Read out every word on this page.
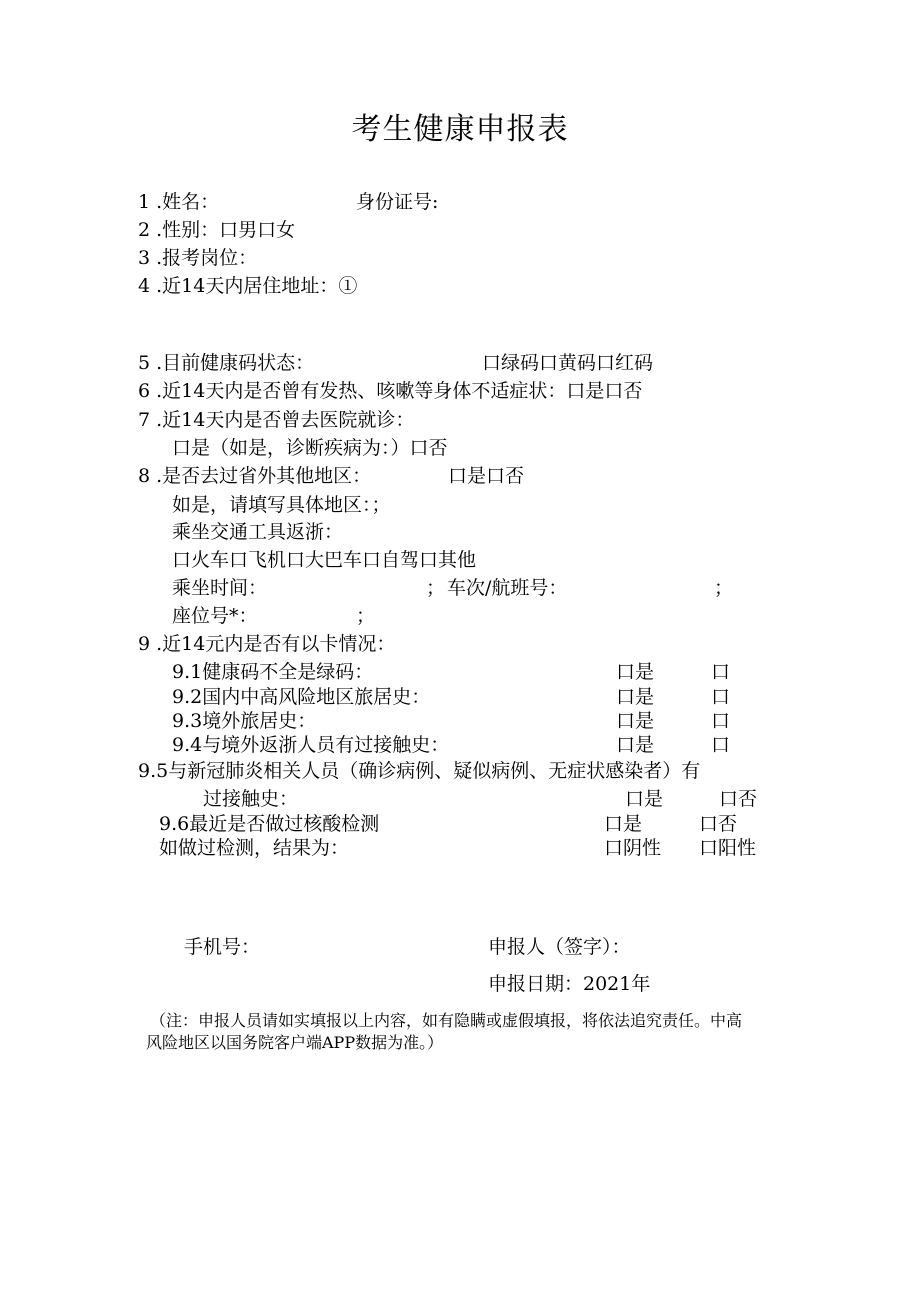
考生健康申报表
1 .姓名：	身份证号:
2 .性别：口男口女
3 .报考岗位：
4 .近14天内居住地址：①
5 .目前健康码状态：	口绿码口黄码口红码
6 .近14天内是否曾有发热、咳嗽等身体不适症状：口是口否
7 .近14天内是否曾去医院就诊：
口是（如是，诊断疾病为：）口否
8 .是否去过省外其他地区：	口是口否
如是，请填写具体地区：；
乘坐交通工具返浙：
口火车口飞机口大巴车口自驾口其他
乘坐时间：	； 车次/航班号：	；
座位号*：	；
9 .近14元内是否有以卡情况：
9.1健康码不全是绿码：	口是	口
9.2国内中高风险地区旅居史：	口是	口
9.3境外旅居史：	口是	口
9.4与境外返浙人员有过接触史：	口是	口
9.5与新冠肺炎相关人员（确诊病例、疑似病例、无症状感染者）有
过接触史：	口是	口否
9.6最近是否做过核酸检测	口是	口否
如做过检测，结果为：	口阴性 口阳性
手机号：	申报人（签字）：
申报日期：2021年
（注：申报人员请如实填报以上内容，如有隐瞒或虚假填报，将依法追究责任。中高
风险地区以国务院客户端APP数据为准。）
